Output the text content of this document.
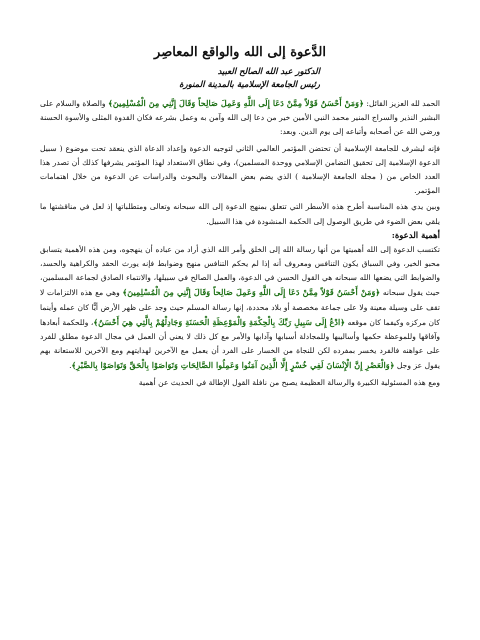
الدَّعوة إلى الله والواقع المعاصِر
الدكتور عبد الله الصالح العبيد
رئيس الجامعة الإسلامية بالمدينة المنورة

الحمد لله العزيز القائل: ﴿وَمَنْ أَحْسَنُ قَوْلاً مِمَّنْ دَعَا إِلَى اللَّهِ وَعَمِلَ صَالِحاً وَقَالَ إِنَّنِي مِنَ الْمُسْلِمِينَ﴾ والصلاة والسلام على البشير النذير والسراج المنير محمد النبي الأمين خير من دعا إلى الله وآمن به وعمل بشرعه فكان القدوة المثلى والأسوة الحسنة ورضي الله عن أصحابه وأتباعه إلى يوم الدين. وبعد:

فإنه ليشرف للجامعة الإسلامية أن تحتضن المؤتمر العالمي الثاني لتوجيه الدعوة وإعداد الدعاة الذي ينعقد تحت موضوع ( سبيل الدعوة الإسلامية إلى تحقيق التضامن الإسلامي ووحدة المسلمين)، وفي نطاق الاستعداد لهذا المؤتمر يشرفها كذلك أن تصدر هذا العدد الخاص من ( مجلة الجامعة الإسلامية ) الذي يضم بعض المقالات والبحوث والدراسات عن الدعوة من خلال اهتمامات المؤتمر.

وبين يدي هذه المناسبة أطرح هذه الأسطر التي تتعلق بمنهج الدعوة إلى الله سبحانه وتعالى ومتطلباتها إذ لعل في مناقشتها ما يلقي بعض الضوء في طريق الوصول إلى الحكمة المنشودة في هذا السبيل.

أهمية الدعوة:

تكتسب الدعوة إلى الله أهميتها من أنها رسالة الله إلى الخلق وأمر الله الذي أراد من عباده أن ينهجوه، ومن هذه الأهمية يتسابق محبو الخير، وفي السباق يكون التنافس ومعروف أنه إذا لم يحكم التنافس منهج وضوابط فإنه يورث الحقد والكراهية والحسد، والضوابط التي يضعها الله سبحانه هي القول الحسن في الدعوة، والعمل الصالح في سبيلها، والانتماء الصادق لجماعة المسلمين، حيث يقول سبحانه ﴿وَمَنْ أَحْسَنُ قَوْلاً مِمَّنْ دَعَا إِلَى اللَّهِ وَعَمِلَ صَالِحاً وَقَالَ إِنَّنِي مِنَ الْمُسْلِمِينَ﴾ وهي مع هذه الالتزامات لا تقف على وسيلة معينة ولا على جماعة مخصصة أو بلاد محددة، إنها رسالة المسلم حيث وجد على ظهر الأرض أيًّا كان عمله وأينما كان مركزه وكيفما كان موقعه ﴿ادْعُ إِلَى سَبِيلِ رَبِّكَ بِالْحِكْمَةِ وَالْمَوْعِظَةِ الْحَسَنَةِ وَجَادِلْهُمْ بِالَّتِي هِيَ أَحْسَنُ﴾، وللحكمة أبعادها وآفاقها وللموعظة حكمها وأساليبها وللمجادلة أسبابها وآدابها والأمر مع كل ذلك لا يعني أن العمل في مجال الدعوة مطلق للفرد على عواهنه فالفرد يخسر بمفرده لكن للنجاة من الخسار على الفرد أن يعمل مع الآخرين لهدايتهم ومع الآخرين للاستعانة بهم يقول عز وجل ﴿وَالْعَصْرِ إِنَّ الْإِنْسَانَ لَفِي خُسْرٍ إِلَّا الَّذِينَ آمَنُوا وَعَمِلُوا الصَّالِحَاتِ وَتَوَاصَوْا بِالْحَقِّ وَتَوَاصَوْا بِالصَّبْرِ﴾.

ومع هذه المسئولية الكبيرة والرسالة العظيمة يصبح من نافلة القول الإطالة في الحديث عن أهمية
